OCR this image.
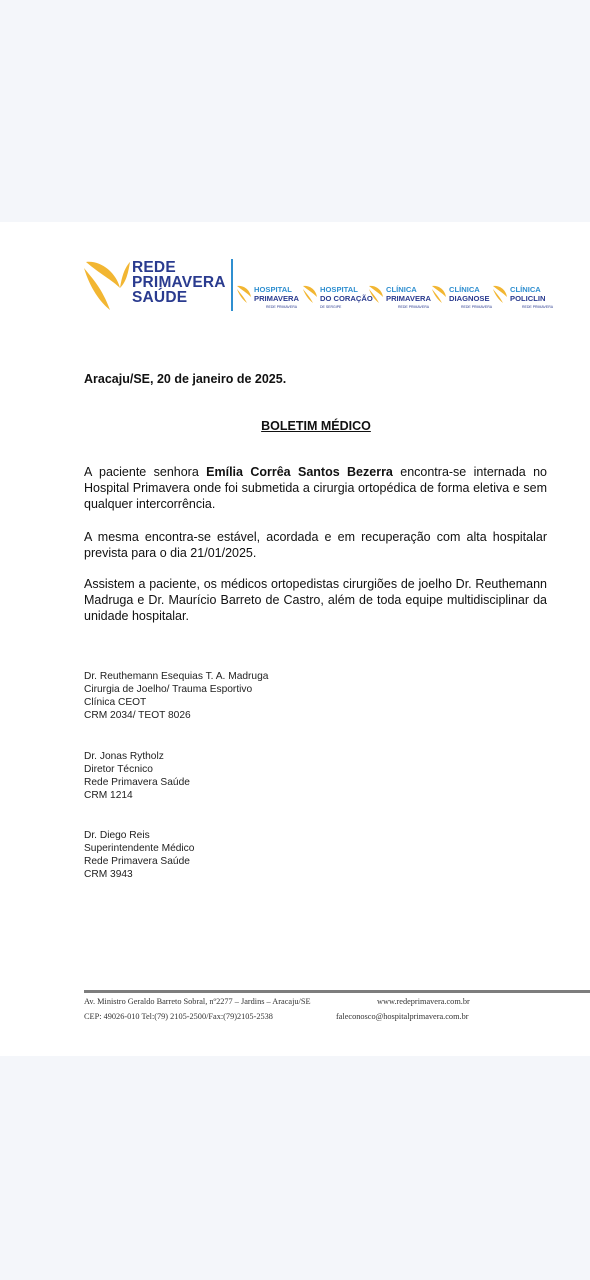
REDE
PRIMAVERA
SAÚDE	HOSPITAL
PRIMAVERA
REDE PRIMAVERA
HOSPITAL
DO CORAÇÃO
DE SERGIPE
CLÍNICA
PRIMAVERA
REDE PRIMAVERA
CLÍNICA
DIAGNOSE
REDE PRIMAVERA
CLÍNICA
POLICLIN
REDE PRIMAVERA
Aracaju/SE, 20 de janeiro de 2025.
BOLETIM MÉDICO
A paciente senhora Emília Corrêa Santos Bezerra encontra-se internada no Hospital Primavera onde foi submetida a cirurgia ortopédica de forma eletiva e sem qualquer intercorrência.
A mesma encontra-se estável, acordada e em recuperação com alta hospitalar prevista para o dia 21/01/2025.
Assistem a paciente, os médicos ortopedistas cirurgiões de joelho Dr. Reuthemann Madruga e Dr. Maurício Barreto de Castro, além de toda equipe multidisciplinar da unidade hospitalar.
Dr. Reuthemann Esequias T. A. Madruga
Cirurgia de Joelho/ Trauma Esportivo
Clínica CEOT
CRM 2034/ TEOT 8026
Dr. Jonas Rytholz
Diretor Técnico
Rede Primavera Saúde
CRM 1214
Dr. Diego Reis
Superintendente Médico
Rede Primavera Saúde
CRM 3943
Av. Ministro Geraldo Barreto Sobral, nº2277 – Jardins – Aracaju/SE	www.redeprimavera.com.br
CEP: 49026-010 Tel:(79) 2105-2500/Fax:(79)2105-2538	faleconosco@hospitalprimavera.com.br
